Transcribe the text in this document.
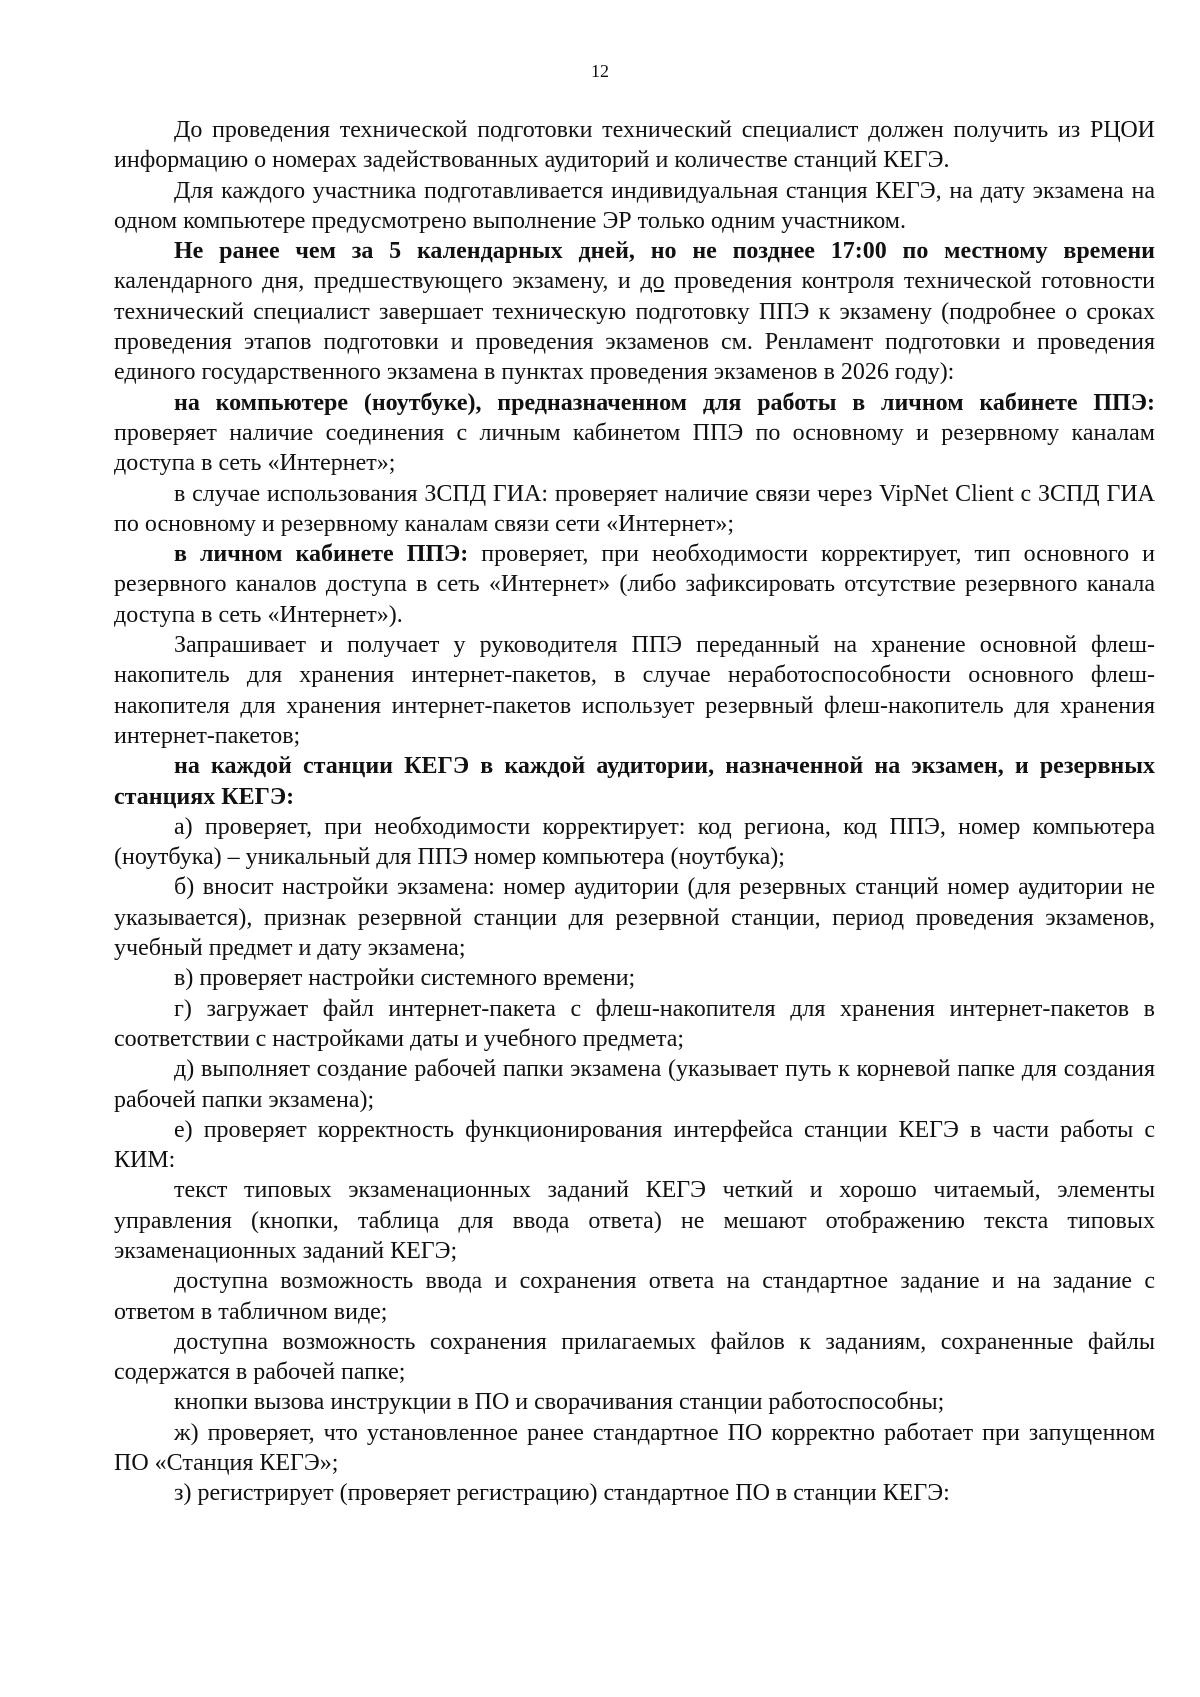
12

До проведения технической подготовки технический специалист должен получить из РЦОИ информацию о номерах задействованных аудиторий и количестве станций КЕГЭ.

Для каждого участника подготавливается индивидуальная станция КЕГЭ, на дату экзамена на одном компьютере предусмотрено выполнение ЭР только одним участником.

Не ранее чем за 5 календарных дней, но не позднее 17:00 по местному времени календарного дня, предшествующего экзамену, и до проведения контроля технической готовности технический специалист завершает техническую подготовку ППЭ к экзамену (подробнее о сроках проведения этапов подготовки и проведения экзаменов см. Ренламент подготовки и проведения единого государственного экзамена в пунктах проведения экзаменов в 2026 году):

на компьютере (ноутбуке), предназначенном для работы в личном кабинете ППЭ: проверяет наличие соединения с личным кабинетом ППЭ по основному и резервному каналам доступа в сеть «Интернет»;

в случае использования ЗСПД ГИА: проверяет наличие связи через VipNet Client с ЗСПД ГИА по основному и резервному каналам связи сети «Интернет»;

в личном кабинете ППЭ: проверяет, при необходимости корректирует, тип основного и резервного каналов доступа в сеть «Интернет» (либо зафиксировать отсутствие резервного канала доступа в сеть «Интернет»).

Запрашивает и получает у руководителя ППЭ переданный на хранение основной флеш-накопитель для хранения интернет-пакетов, в случае неработоспособности основного флеш-накопителя для хранения интернет-пакетов использует резервный флеш-накопитель для хранения интернет-пакетов;

на каждой станции КЕГЭ в каждой аудитории, назначенной на экзамен, и резервных станциях КЕГЭ:

а) проверяет, при необходимости корректирует: код региона, код ППЭ, номер компьютера (ноутбука) – уникальный для ППЭ номер компьютера (ноутбука);

б) вносит настройки экзамена: номер аудитории (для резервных станций номер аудитории не указывается), признак резервной станции для резервной станции, период проведения экзаменов, учебный предмет и дату экзамена;

в) проверяет настройки системного времени;

г) загружает файл интернет-пакета с флеш-накопителя для хранения интернет-пакетов в соответствии с настройками даты и учебного предмета;

д) выполняет создание рабочей папки экзамена (указывает путь к корневой папке для создания рабочей папки экзамена);

е) проверяет корректность функционирования интерфейса станции КЕГЭ в части работы с КИМ:

текст типовых экзаменационных заданий КЕГЭ четкий и хорошо читаемый, элементы управления (кнопки, таблица для ввода ответа) не мешают отображению текста типовых экзаменационных заданий КЕГЭ;

доступна возможность ввода и сохранения ответа на стандартное задание и на задание с ответом в табличном виде;

доступна возможность сохранения прилагаемых файлов к заданиям, сохраненные файлы содержатся в рабочей папке;

кнопки вызова инструкции в ПО и сворачивания станции работоспособны;

ж) проверяет, что установленное ранее стандартное ПО корректно работает при запущенном ПО «Станция КЕГЭ»;

з) регистрирует (проверяет регистрацию) стандартное ПО в станции КЕГЭ:
